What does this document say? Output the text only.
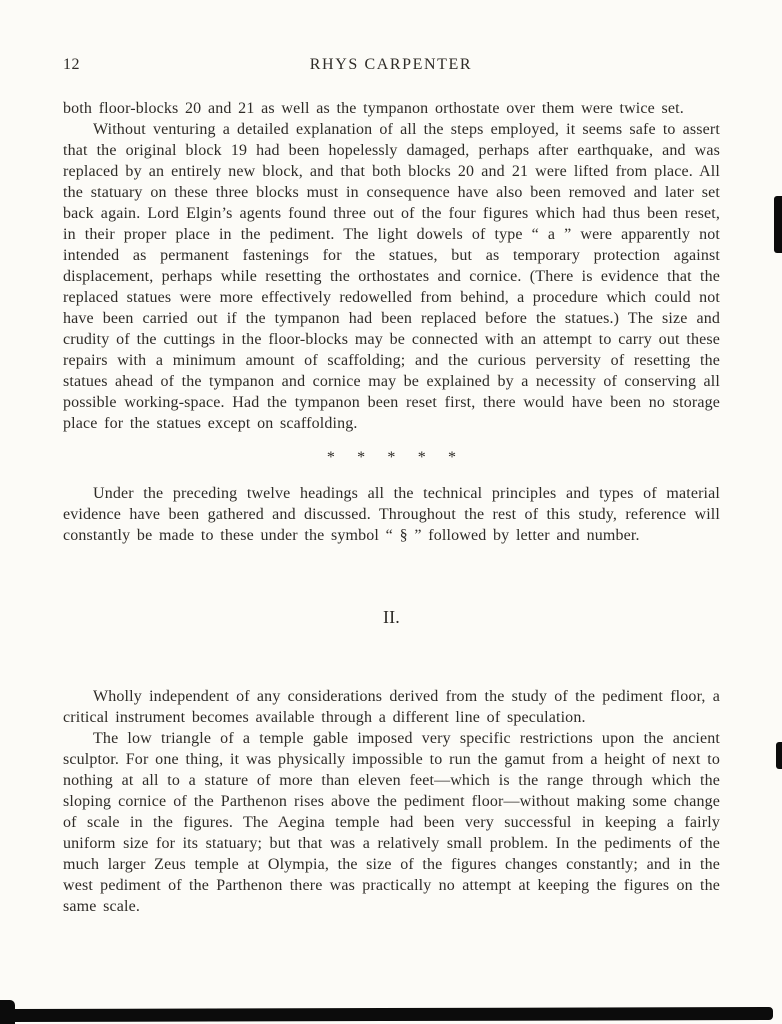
12	RHYS CARPENTER

both floor-blocks 20 and 21 as well as the tympanon orthostate over them were twice set.

Without venturing a detailed explanation of all the steps employed, it seems safe to assert that the original block 19 had been hopelessly damaged, perhaps after earthquake, and was replaced by an entirely new block, and that both blocks 20 and 21 were lifted from place. All the statuary on these three blocks must in consequence have also been removed and later set back again. Lord Elgin’s agents found three out of the four figures which had thus been reset, in their proper place in the pediment. The light dowels of type “ a ” were apparently not intended as permanent fastenings for the statues, but as temporary protection against displacement, perhaps while resetting the orthostates and cornice. (There is evidence that the replaced statues were more effectively redowelled from behind, a procedure which could not have been carried out if the tympanon had been replaced before the statues.) The size and crudity of the cuttings in the floor-blocks may be connected with an attempt to carry out these repairs with a minimum amount of scaffolding; and the curious perversity of resetting the statues ahead of the tympanon and cornice may be explained by a necessity of conserving all possible working-space. Had the tympanon been reset first, there would have been no storage place for the statues except on scaffolding.

* * * * *

Under the preceding twelve headings all the technical principles and types of material evidence have been gathered and discussed. Throughout the rest of this study, reference will constantly be made to these under the symbol “ § ” followed by letter and number.

II.

Wholly independent of any considerations derived from the study of the pediment floor, a critical instrument becomes available through a different line of speculation.

The low triangle of a temple gable imposed very specific restrictions upon the ancient sculptor. For one thing, it was physically impossible to run the gamut from a height of next to nothing at all to a stature of more than eleven feet—which is the range through which the sloping cornice of the Parthenon rises above the pediment floor—without making some change of scale in the figures. The Aegina temple had been very successful in keeping a fairly uniform size for its statuary; but that was a relatively small problem. In the pediments of the much larger Zeus temple at Olympia, the size of the figures changes constantly; and in the west pediment of the Parthenon there was practically no attempt at keeping the figures on the same scale.
